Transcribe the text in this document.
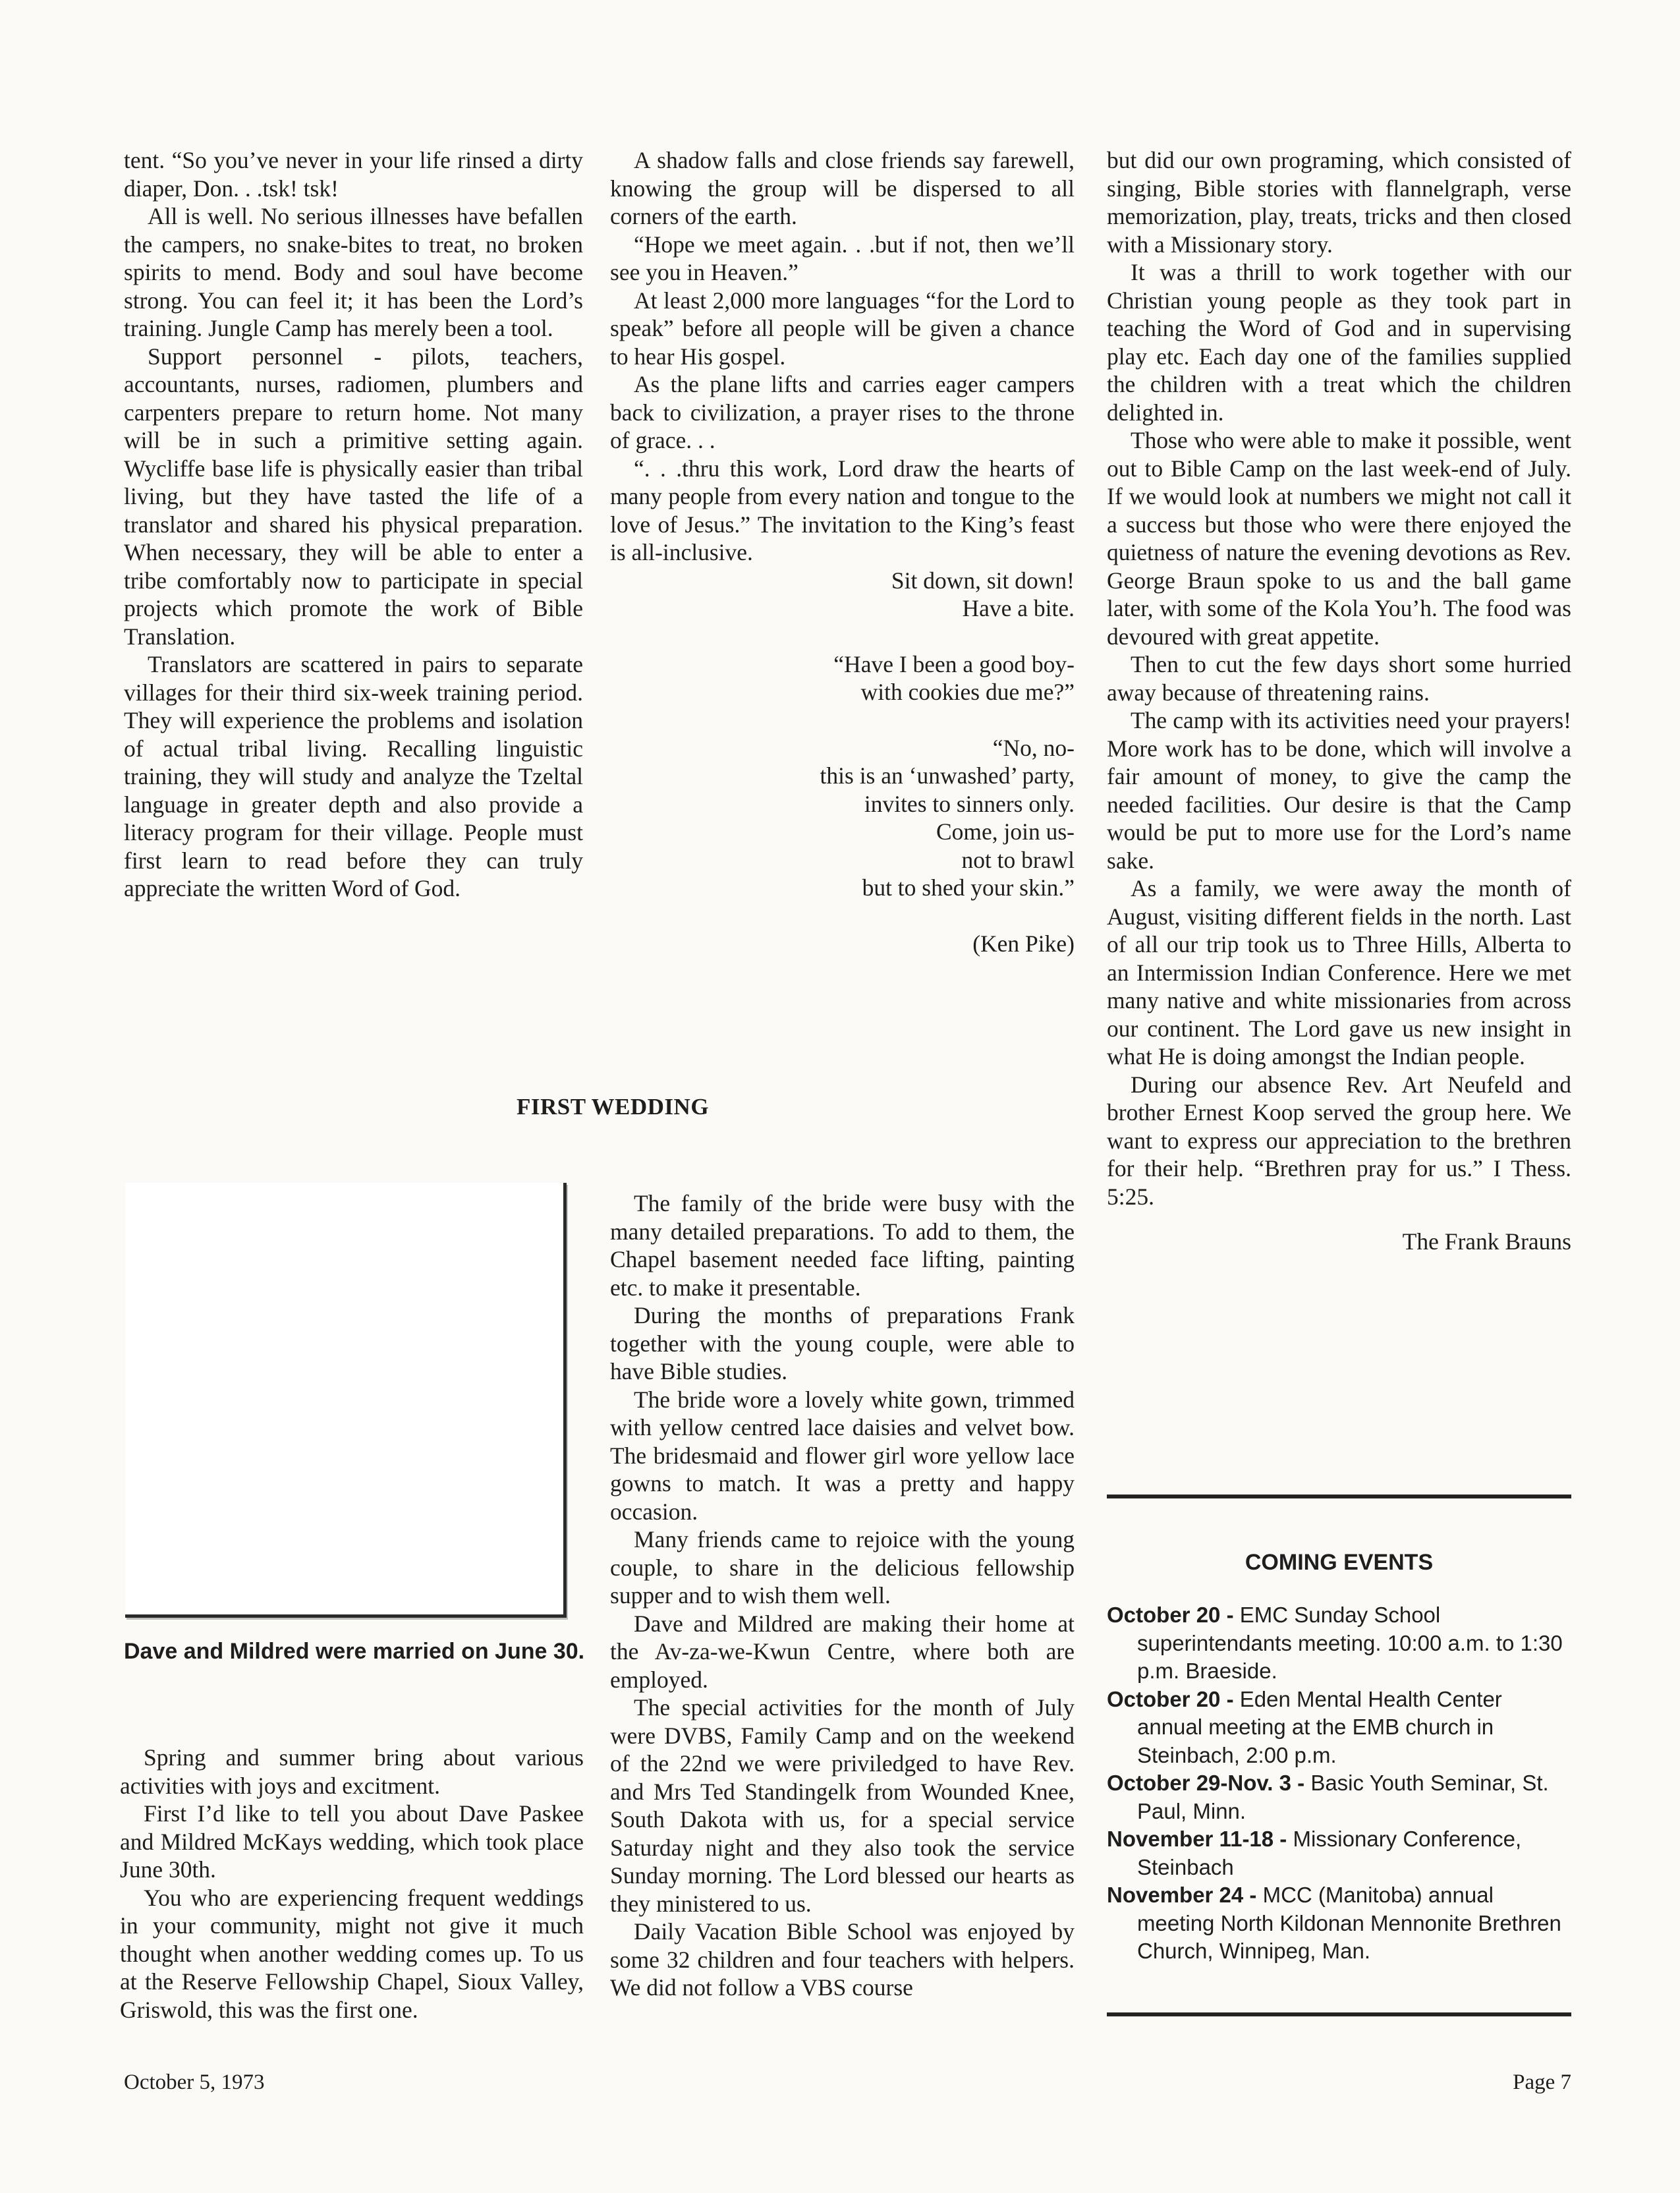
tent. “So you’ve never in your life rinsed a dirty diaper, Don. . .tsk! tsk!

All is well. No serious illnesses have befallen the campers, no snake-bites to treat, no broken spirits to mend. Body and soul have become strong. You can feel it; it has been the Lord’s training. Jungle Camp has merely been a tool.

Support personnel - pilots, teachers, accountants, nurses, radiomen, plumbers and carpenters prepare to return home. Not many will be in such a primitive setting again. Wycliffe base life is physically easier than tribal living, but they have tasted the life of a translator and shared his physical preparation. When necessary, they will be able to enter a tribe comfortably now to participate in special projects which promote the work of Bible Translation.

Translators are scattered in pairs to separate villages for their third six-week training period. They will experience the problems and isolation of actual tribal living. Recalling linguistic training, they will study and analyze the Tzeltal language in greater depth and also provide a literacy program for their village. People must first learn to read before they can truly appreciate the written Word of God.

A shadow falls and close friends say farewell, knowing the group will be dispersed to all corners of the earth.

“Hope we meet again. . .but if not, then we’ll see you in Heaven.”

At least 2,000 more languages “for the Lord to speak” before all people will be given a chance to hear His gospel.

As the plane lifts and carries eager campers back to civilization, a prayer rises to the throne of grace. . .

“. . .thru this work, Lord draw the hearts of many people from every nation and tongue to the love of Jesus.” The invitation to the King’s feast is all-inclusive.

Sit down, sit down!
Have a bite.
“Have I been a good boy-
with cookies due me?”
“No, no-
this is an ‘unwashed’ party,
invites to sinners only.
Come, join us-
not to brawl
but to shed your skin.”
(Ken Pike)

but did our own programing, which consisted of singing, Bible stories with flannelgraph, verse memorization, play, treats, tricks and then closed with a Missionary story.

It was a thrill to work together with our Christian young people as they took part in teaching the Word of God and in supervising play etc. Each day one of the families supplied the children with a treat which the children delighted in.

Those who were able to make it possible, went out to Bible Camp on the last week-end of July. If we would look at numbers we might not call it a success but those who were there enjoyed the quietness of nature the evening devotions as Rev. George Braun spoke to us and the ball game later, with some of the Kola You’h. The food was devoured with great appetite.

Then to cut the few days short some hurried away because of threatening rains.

The camp with its activities need your prayers! More work has to be done, which will involve a fair amount of money, to give the camp the needed facilities. Our desire is that the Camp would be put to more use for the Lord’s name sake.

As a family, we were away the month of August, visiting different fields in the north. Last of all our trip took us to Three Hills, Alberta to an Intermission Indian Conference. Here we met many native and white missionaries from across our continent. The Lord gave us new insight in what He is doing amongst the Indian people.

During our absence Rev. Art Neufeld and brother Ernest Koop served the group here. We want to express our appreciation to the brethren for their help. “Brethren pray for us.” I Thess. 5:25.

The Frank Brauns
FIRST WEDDING
Dave and Mildred were married on June 30.

Spring and summer bring about various activities with joys and excitment.

First I’d like to tell you about Dave Paskee and Mildred McKays wedding, which took place June 30th.

You who are experiencing frequent weddings in your community, might not give it much thought when another wedding comes up. To us at the Reserve Fellowship Chapel, Sioux Valley, Griswold, this was the first one.

The family of the bride were busy with the many detailed preparations. To add to them, the Chapel basement needed face lifting, painting etc. to make it presentable.

During the months of preparations Frank together with the young couple, were able to have Bible studies.

The bride wore a lovely white gown, trimmed with yellow centred lace daisies and velvet bow. The bridesmaid and flower girl wore yellow lace gowns to match. It was a pretty and happy occasion.

Many friends came to rejoice with the young couple, to share in the delicious fellowship supper and to wish them well.

Dave and Mildred are making their home at the Av-za-we-Kwun Centre, where both are employed.

The special activities for the month of July were DVBS, Family Camp and on the weekend of the 22nd we were priviledged to have Rev. and Mrs Ted Standingelk from Wounded Knee, South Dakota with us, for a special service Saturday night and they also took the service Sunday morning. The Lord blessed our hearts as they ministered to us.

Daily Vacation Bible School was enjoyed by some 32 children and four teachers with helpers. We did not follow a VBS course

COMING EVENTS

October 20 - EMC Sunday School superintendants meeting. 10:00 a.m. to 1:30 p.m. Braeside.

October 20 - Eden Mental Health Center annual meeting at the EMB church in Steinbach, 2:00 p.m.

October 29-Nov. 3 - Basic Youth Seminar, St. Paul, Minn.

November 11-18 - Missionary Conference, Steinbach

November 24 - MCC (Manitoba) annual meeting North Kildonan Mennonite Brethren Church, Winnipeg, Man.

October 5, 1973	Page 7
